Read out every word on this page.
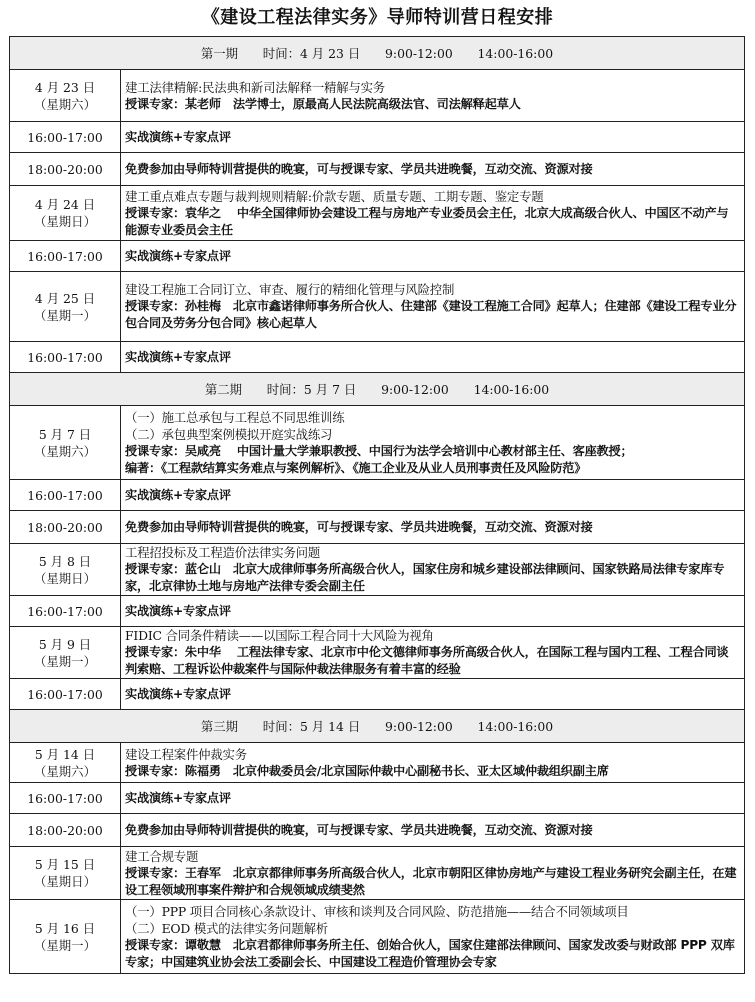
《建设工程法律实务》导师特训营日程安排
第一期　　时间：4 月 23 日　　9:00-12:00　　14:00-16:00	

4 月 23 日
（星期六）	建工法律精解:民法典和新司法解释一精解与实务
授课专家：某老师　法学博士，原最高人民法院高级法官、司法解释起草人

16:00-17:00	实战演练+专家点评

18:00-20:00	免费参加由导师特训营提供的晚宴，可与授课专家、学员共进晚餐，互动交流、资源对接

4 月 24 日
（星期日）	建工重点难点专题与裁判规则精解:价款专题、质量专题、工期专题、鉴定专题
授课专家：袁华之　 中华全国律师协会建设工程与房地产专业委员会主任，北京大成高级合伙人、中国区不动产与能源专业委员会主任

16:00-17:00	实战演练+专家点评

4 月 25 日
（星期一）	建设工程施工合同订立、审查、履行的精细化管理与风险控制
授课专家：孙桂梅　北京市鑫诺律师事务所合伙人、住建部《建设工程施工合同》起草人；住建部《建设工程专业分包合同及劳务分包合同》核心起草人

16:00-17:00	实战演练+专家点评

第二期　　时间：5 月 7 日　　9:00-12:00　　14:00-16:00	

5 月 7 日
（星期六）	（一）施工总承包与工程总不同思维训练
（二）承包典型案例模拟开庭实战练习
授课专家：吴咸亮　 中国计量大学兼职教授、中国行为法学会培训中心教材部主任、客座教授；
编著：《工程款结算实务难点与案例解析》、《施工企业及从业人员刑事责任及风险防范》

16:00-17:00	实战演练+专家点评

18:00-20:00	免费参加由导师特训营提供的晚宴，可与授课专家、学员共进晚餐，互动交流、资源对接

5 月 8 日
（星期日）	工程招投标及工程造价法律实务问题
授课专家：蓝仑山　北京大成律师事务所高级合伙人，国家住房和城乡建设部法律顾问、国家铁路局法律专家库专家，北京律协土地与房地产法律专委会副主任

16:00-17:00	实战演练+专家点评

5 月 9 日
（星期一）	FIDIC 合同条件精读——以国际工程合同十大风险为视角
授课专家：朱中华　 工程法律专家、北京市中伦文德律师事务所高级合伙人，在国际工程与国内工程、工程合同谈判索赔、工程诉讼仲裁案件与国际仲裁法律服务有着丰富的经验

16:00-17:00	实战演练+专家点评

第三期　　时间：5 月 14 日　　9:00-12:00　　14:00-16:00	

5 月 14 日
（星期六）	建设工程案件仲裁实务
授课专家：陈福勇　北京仲裁委员会/北京国际仲裁中心副秘书长、亚太区域仲裁组织副主席

16:00-17:00	实战演练+专家点评

18:00-20:00	免费参加由导师特训营提供的晚宴，可与授课专家、学员共进晚餐，互动交流、资源对接

5 月 15 日
（星期日）	建工合规专题
授课专家：王春军　北京京都律师事务所高级合伙人，北京市朝阳区律协房地产与建设工程业务研究会副主任，在建设工程领域刑事案件辩护和合规领域成绩斐然

5 月 16 日
（星期一）	（一）PPP 项目合同核心条款设计、审核和谈判及合同风险、防范措施——结合不同领域项目
（二）EOD 模式的法律实务问题解析
授课专家：谭敬慧　北京君都律师事务所主任、创始合伙人，国家住建部法律顾问、国家发改委与财政部 PPP 双库专家；中国建筑业协会法工委副会长、中国建设工程造价管理协会专家
